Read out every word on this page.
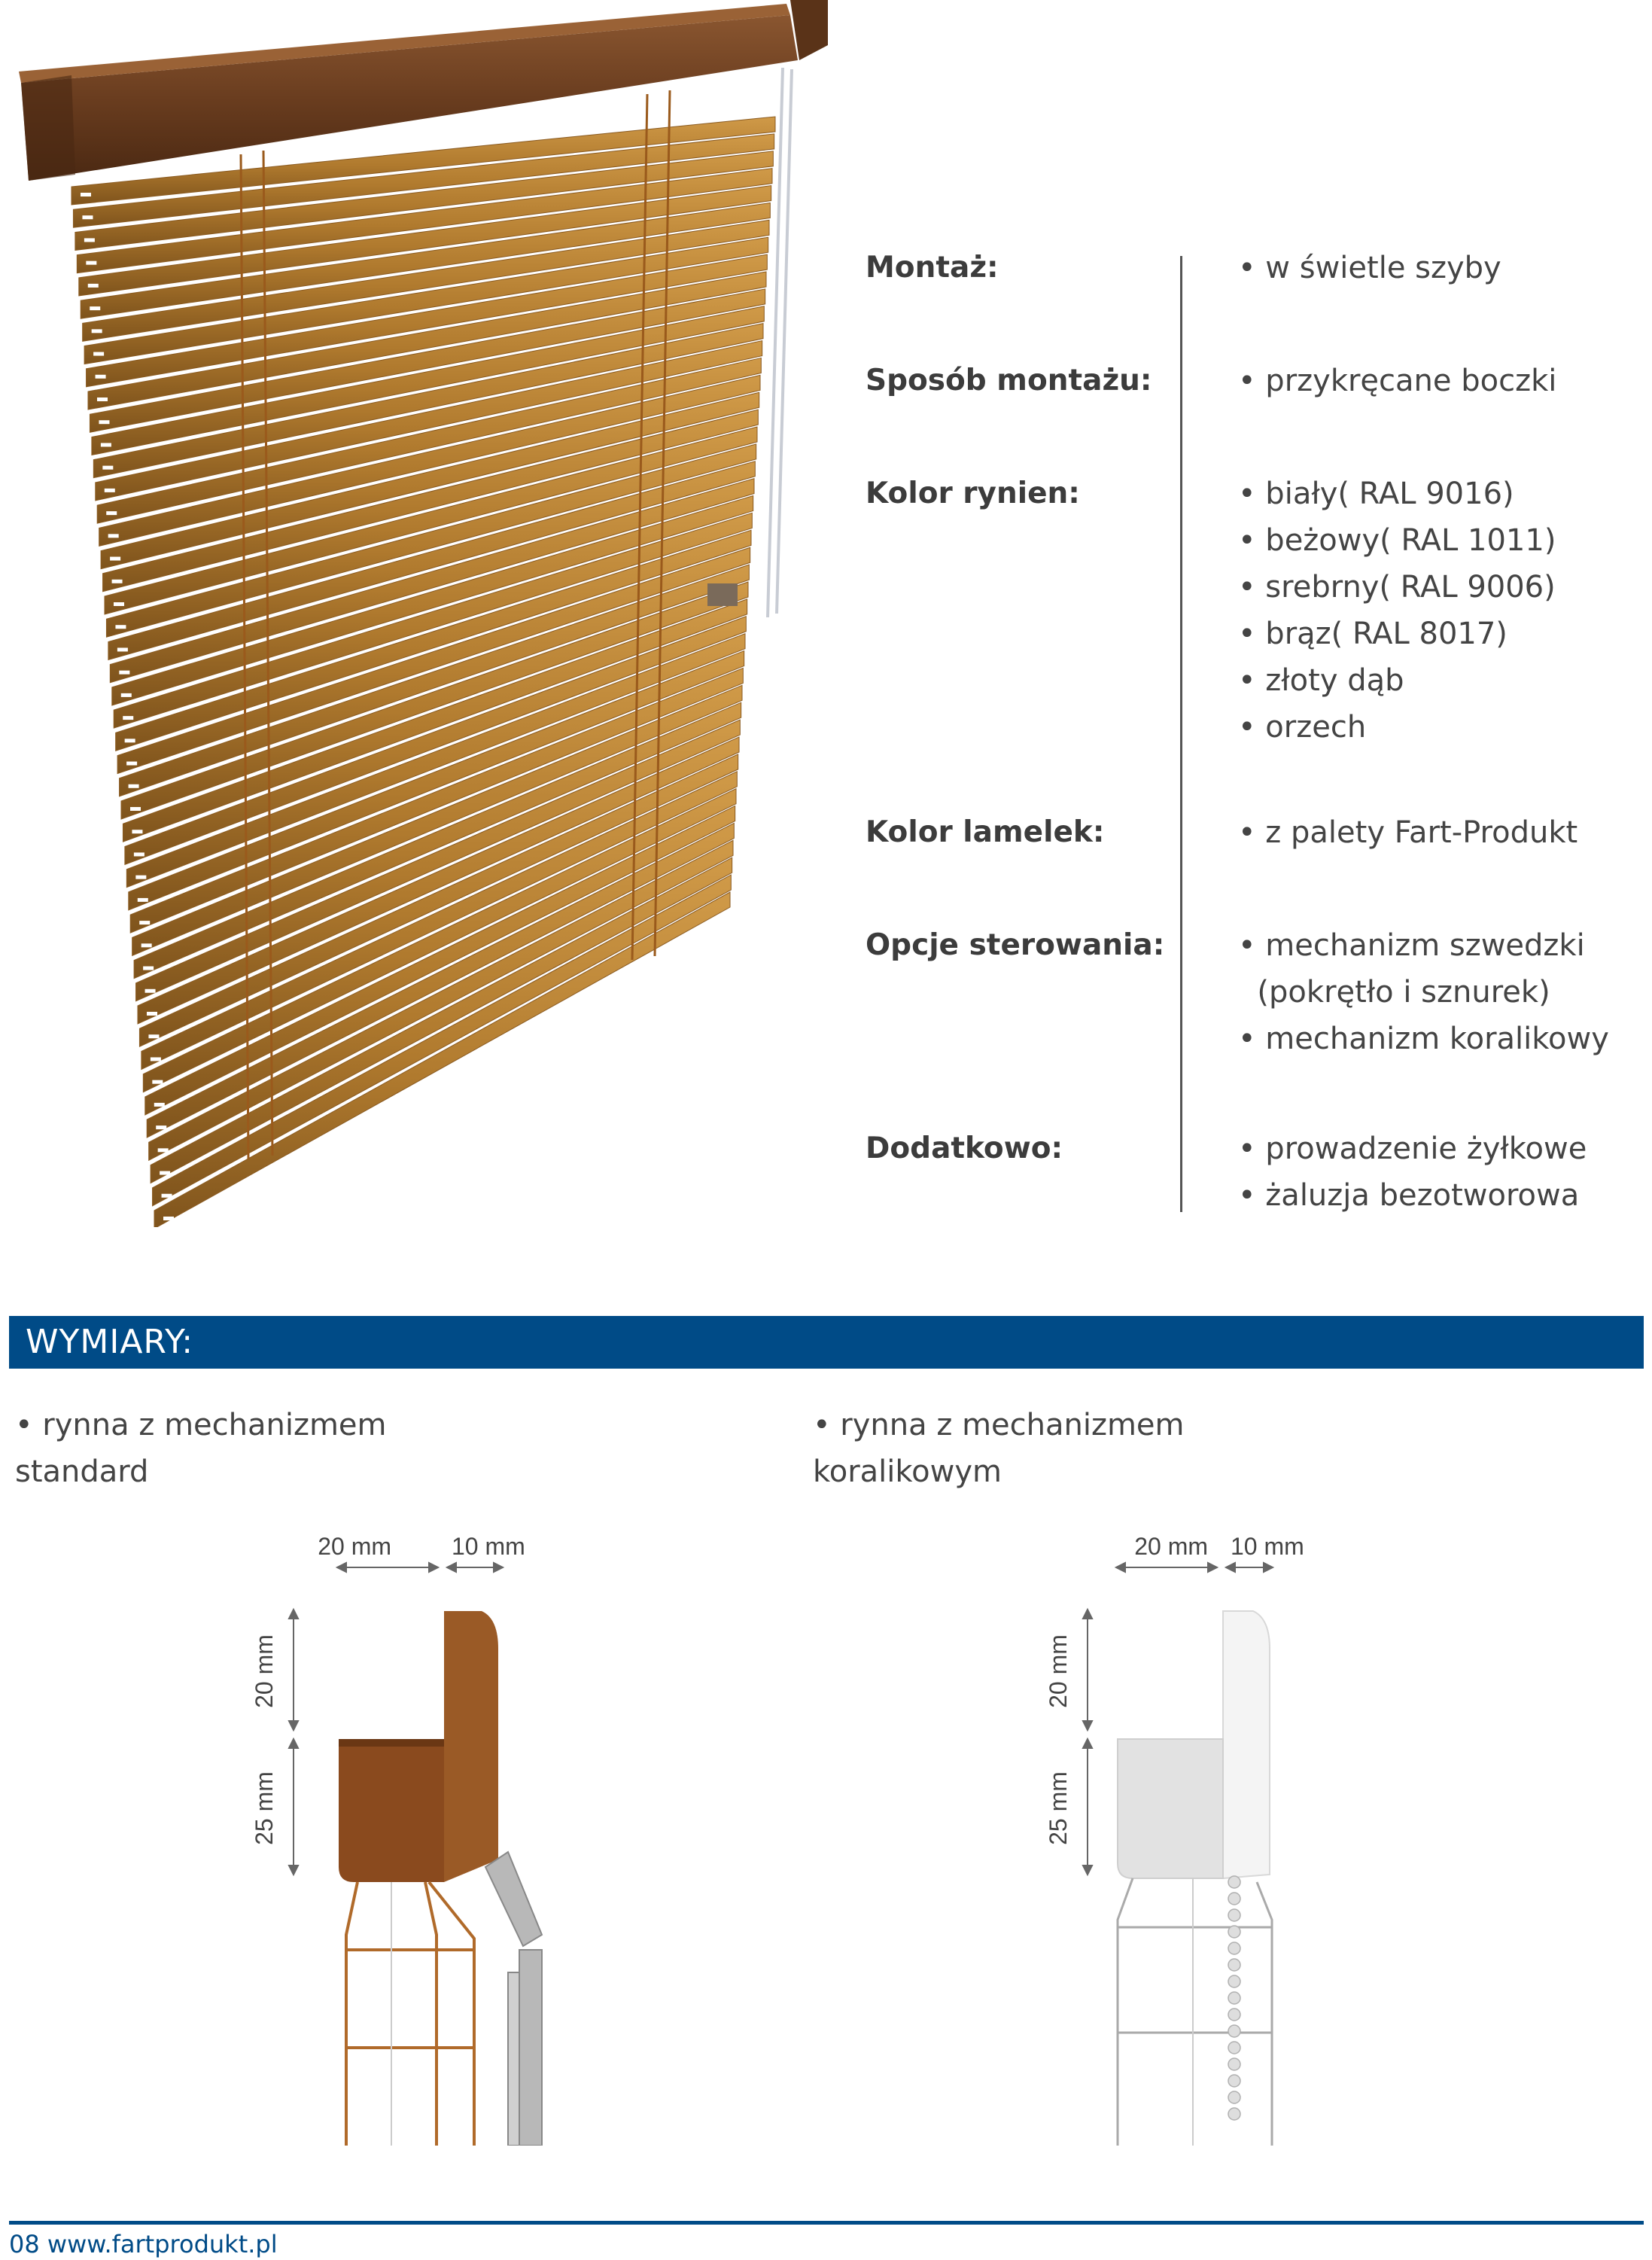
Montaż:	• w świetle szyby
Sposób montażu:	• przykręcane boczki
Kolor rynien:	• biały( RAL 9016)
• beżowy( RAL 1011)
• srebrny( RAL 9006)
• brąz( RAL 8017)
• złoty dąb
• orzech
Kolor lamelek:	• z palety Fart-Produkt
Opcje sterowania: • mechanizm szwedzki
(pokrętło i sznurek)
• mechanizm koralikowy
Dodatkowo:	• prowadzenie żyłkowe
• żaluzja bezotworowa
WYMIARY:
• rynna z mechanizmem
standard
• rynna z mechanizmem
koralikowym
20 mm	10 mm
20 mm
25 mm
20 mm 10 mm
20 mm
25 mm
08 www.fartprodukt.pl
